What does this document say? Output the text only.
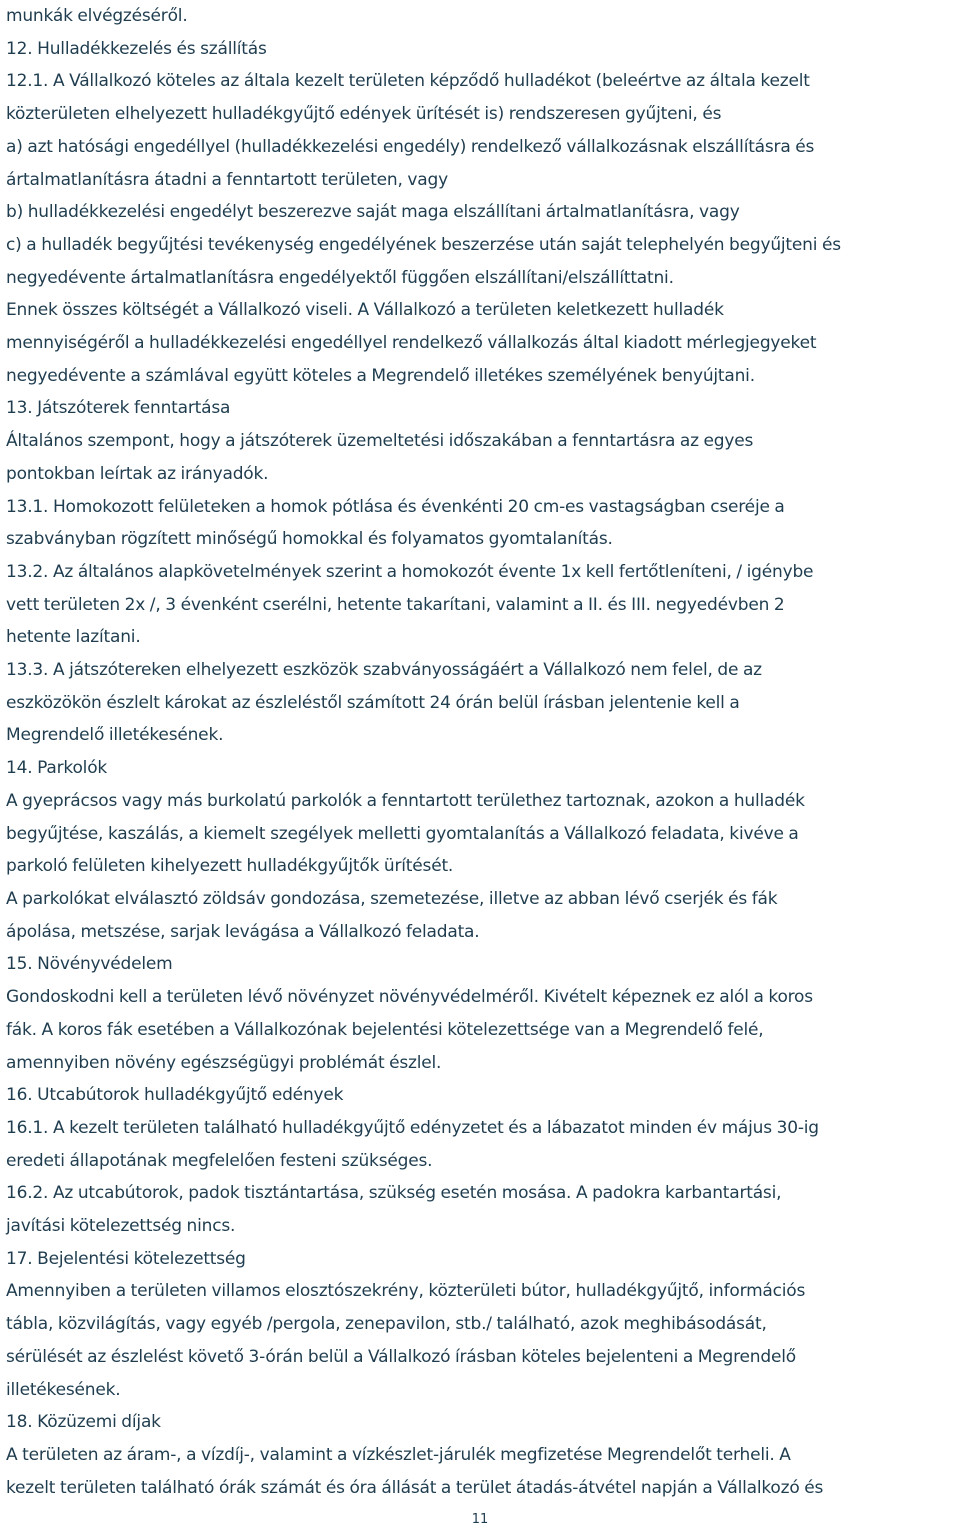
munkák elvégzéséről.
12. Hulladékkezelés és szállítás
12.1. A Vállalkozó köteles az általa kezelt területen képződő hulladékot (beleértve az általa kezelt
közterületen elhelyezett hulladékgyűjtő edények ürítését is) rendszeresen gyűjteni, és
a) azt hatósági engedéllyel (hulladékkezelési engedély) rendelkező vállalkozásnak elszállításra és
ártalmatlanításra átadni a fenntartott területen, vagy
b) hulladékkezelési engedélyt beszerezve saját maga elszállítani ártalmatlanításra, vagy
c) a hulladék begyűjtési tevékenység engedélyének beszerzése után saját telephelyén begyűjteni és
negyedévente ártalmatlanításra engedélyektől függően elszállítani/elszállíttatni.
Ennek összes költségét a Vállalkozó viseli. A Vállalkozó a területen keletkezett hulladék
mennyiségéről a hulladékkezelési engedéllyel rendelkező vállalkozás által kiadott mérlegjegyeket
negyedévente a számlával együtt köteles a Megrendelő illetékes személyének benyújtani.
13. Játszóterek fenntartása
Általános szempont, hogy a játszóterek üzemeltetési időszakában a fenntartásra az egyes
pontokban leírtak az irányadók.
13.1. Homokozott felületeken a homok pótlása és évenkénti 20 cm-es vastagságban cseréje a
szabványban rögzített minőségű homokkal és folyamatos gyomtalanítás.
13.2. Az általános alapkövetelmények szerint a homokozót évente 1x kell fertőtleníteni, / igénybe
vett területen 2x /, 3 évenként cserélni, hetente takarítani, valamint a II. és III. negyedévben 2
hetente lazítani.
13.3. A játszótereken elhelyezett eszközök szabványosságáért a Vállalkozó nem felel, de az
eszközökön észlelt károkat az észleléstől számított 24 órán belül írásban jelentenie kell a
Megrendelő illetékesének.
14. Parkolók
A gyeprácsos vagy más burkolatú parkolók a fenntartott területhez tartoznak, azokon a hulladék
begyűjtése, kaszálás, a kiemelt szegélyek melletti gyomtalanítás a Vállalkozó feladata, kivéve a
parkoló felületen kihelyezett hulladékgyűjtők ürítését.
A parkolókat elválasztó zöldsáv gondozása, szemetezése, illetve az abban lévő cserjék és fák
ápolása, metszése, sarjak levágása a Vállalkozó feladata.
15. Növényvédelem
Gondoskodni kell a területen lévő növényzet növényvédelméről. Kivételt képeznek ez alól a koros
fák. A koros fák esetében a Vállalkozónak bejelentési kötelezettsége van a Megrendelő felé,
amennyiben növény egészségügyi problémát észlel.
16. Utcabútorok hulladékgyűjtő edények
16.1. A kezelt területen található hulladékgyűjtő edényzetet és a lábazatot minden év május 30-ig
eredeti állapotának megfelelően festeni szükséges.
16.2. Az utcabútorok, padok tisztántartása, szükség esetén mosása. A padokra karbantartási,
javítási kötelezettség nincs.
17. Bejelentési kötelezettség
Amennyiben a területen villamos elosztószekrény, közterületi bútor, hulladékgyűjtő, információs
tábla, közvilágítás, vagy egyéb /pergola, zenepavilon, stb./ található, azok meghibásodását,
sérülését az észlelést követő 3-órán belül a Vállalkozó írásban köteles bejelenteni a Megrendelő
illetékesének.
18. Közüzemi díjak
A területen az áram-, a vízdíj-, valamint a vízkészlet-járulék megfizetése Megrendelőt terheli. A
kezelt területen található órák számát és óra állását a terület átadás-átvétel napján a Vállalkozó és
11
